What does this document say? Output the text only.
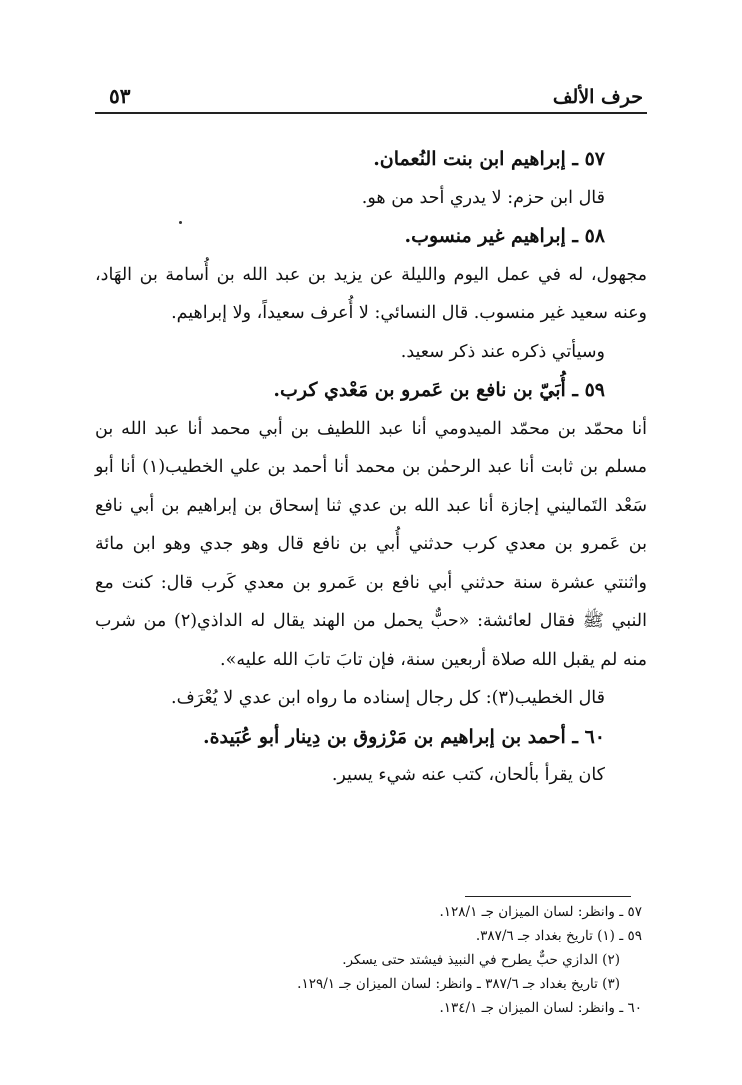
حرف الألف
٥٣

٥٧ ـ إبراهيم ابن بنت النُعمان.

قال ابن حزم: لا يدري أحد من هو.

٥٨ ـ إبراهيم غير منسوب.

مجهول، له في عمل اليوم والليلة عن يزيد بن عبد الله بن أُسامة بن الهَاد، وعنه سعيد غير منسوب. قال النسائي: لا أُعرف سعيداً، ولا إبراهيم.

وسيأتي ذكره عند ذكر سعيد.

٥٩ ـ أُبَيّ بن نافع بن عَمرو بن مَعْدي كرب.

أنا محمّد بن محمّد الميدومي أنا عبد اللطيف بن أبي محمد أنا عبد الله بن مسلم بن ثابت أنا عبد الرحمٰن بن محمد أنا أحمد بن علي الخطيب(١) أنا أبو سَعْد التَماليني إجازة أنا عبد الله بن عدي ثنا إسحاق بن إبراهيم بن أبي نافع بن عَمرو بن معدي كرب حدثني أُبي بن نافع قال وهو جدي وهو ابن مائة واثنتي عشرة سنة حدثني أبي نافع بن عَمرو بن معدي كَرب قال: كنت مع النبي ﷺ فقال لعائشة: «حبٌّ يحمل من الهند يقال له الداذي(٢) من شرب منه لم يقبل الله صلاة أربعين سنة، فإن تابَ تابَ الله عليه».

قال الخطيب(٣): كل رجال إسناده ما رواه ابن عدي لا يُعْرَف.

٦٠ ـ أحمد بن إبراهيم بن مَرْزوق بن دِينار أبو عُبَيدة.

كان يقرأ بألحان، كتب عنه شيء يسير.

٥٧ ـ وانظر: لسان الميزان جـ ١٢٨/١.
٥٩ ـ (١) تاريخ بغداد جـ ٣٨٧/٦.
(٢) الدازي حبٌّ يطرح في النبيذ فيشتد حتى يسكر.
(٣) تاريخ بغداد جـ ٣٨٧/٦ ـ وانظر: لسان الميزان جـ ١٢٩/١.
٦٠ ـ وانظر: لسان الميزان جـ ١٣٤/١.
